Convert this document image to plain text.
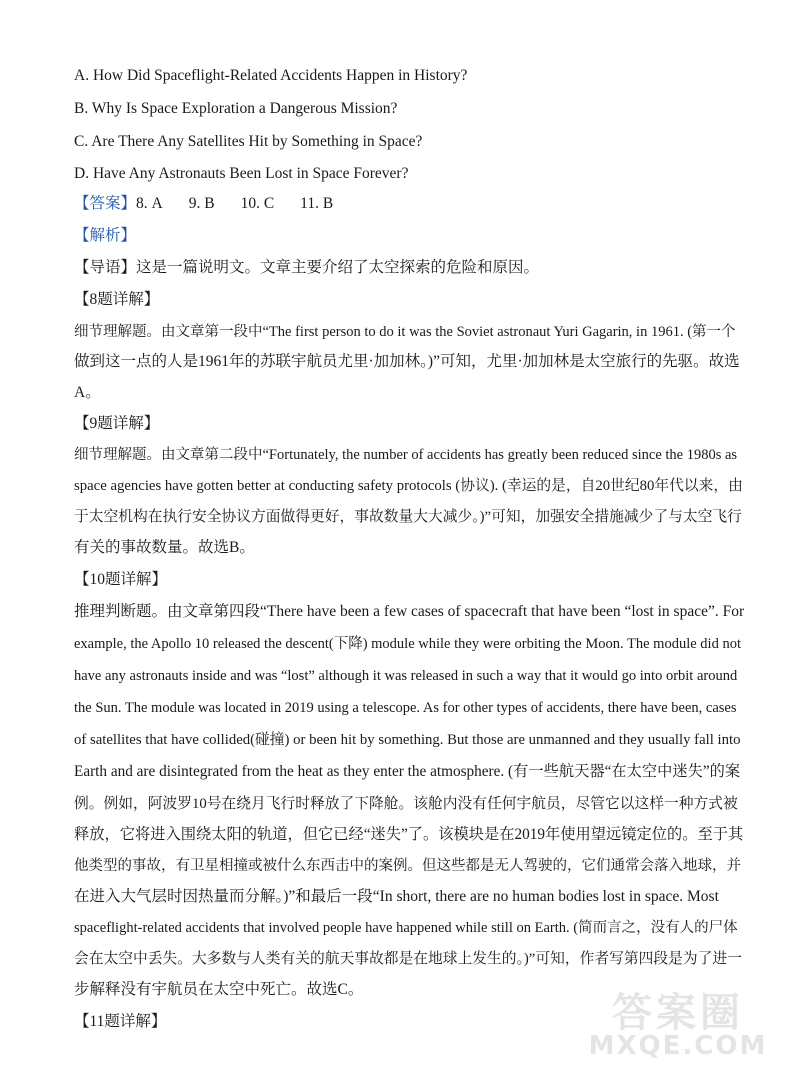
A. How Did Spaceflight-Related Accidents Happen in History?
B. Why Is Space Exploration a Dangerous Mission?
C. Are There Any Satellites Hit by Something in Space?
D. Have Any Astronauts Been Lost in Space Forever?
【答案】8. A 9. B 10. C 11. B
【解析】
【导语】这是一篇说明文。文章主要介绍了太空探索的危险和原因。
【8题详解】
细节理解题。由文章第一段中“The first person to do it was the Soviet astronaut Yuri Gagarin, in 1961. (第一个
做到这一点的人是1961年的苏联宇航员尤里·加加林。)”可知，尤里·加加林是太空旅行的先驱。故选
A。
【9题详解】
细节理解题。由文章第二段中“Fortunately, the number of accidents has greatly been reduced since the 1980s as
space agencies have gotten better at conducting safety protocols (协议). (幸运的是，自20世纪80年代以来，由
于太空机构在执行安全协议方面做得更好，事故数量大大减少。)”可知，加强安全措施减少了与太空飞行
有关的事故数量。故选B。
【10题详解】
推理判断题。由文章第四段“There have been a few cases of spacecraft that have been “lost in space”. For
example, the Apollo 10 released the descent(下降) module while they were orbiting the Moon. The module did not
have any astronauts inside and was “lost” although it was released in such a way that it would go into orbit around
the Sun. The module was located in 2019 using a telescope. As for other types of accidents, there have been, cases
of satellites that have collided(碰撞) or been hit by something. But those are unmanned and they usually fall into
Earth and are disintegrated from the heat as they enter the atmosphere. (有一些航天器“在太空中迷失”的案
例。例如，阿波罗10号在绕月飞行时释放了下降舱。该舱内没有任何宇航员，尽管它以这样一种方式被
释放，它将进入围绕太阳的轨道，但它已经“迷失”了。该模块是在2019年使用望远镜定位的。至于其
他类型的事故，有卫星相撞或被什么东西击中的案例。但这些都是无人驾驶的，它们通常会落入地球，并
在进入大气层时因热量而分解。)”和最后一段“In short, there are no human bodies lost in space. Most
spaceflight-related accidents that involved people have happened while still on Earth. (简而言之，没有人的尸体
会在太空中丢失。大多数与人类有关的航天事故都是在地球上发生的。)”可知，作者写第四段是为了进一
步解释没有宇航员在太空中死亡。故选C。
【11题详解】	答案圈
MXQE.COM
